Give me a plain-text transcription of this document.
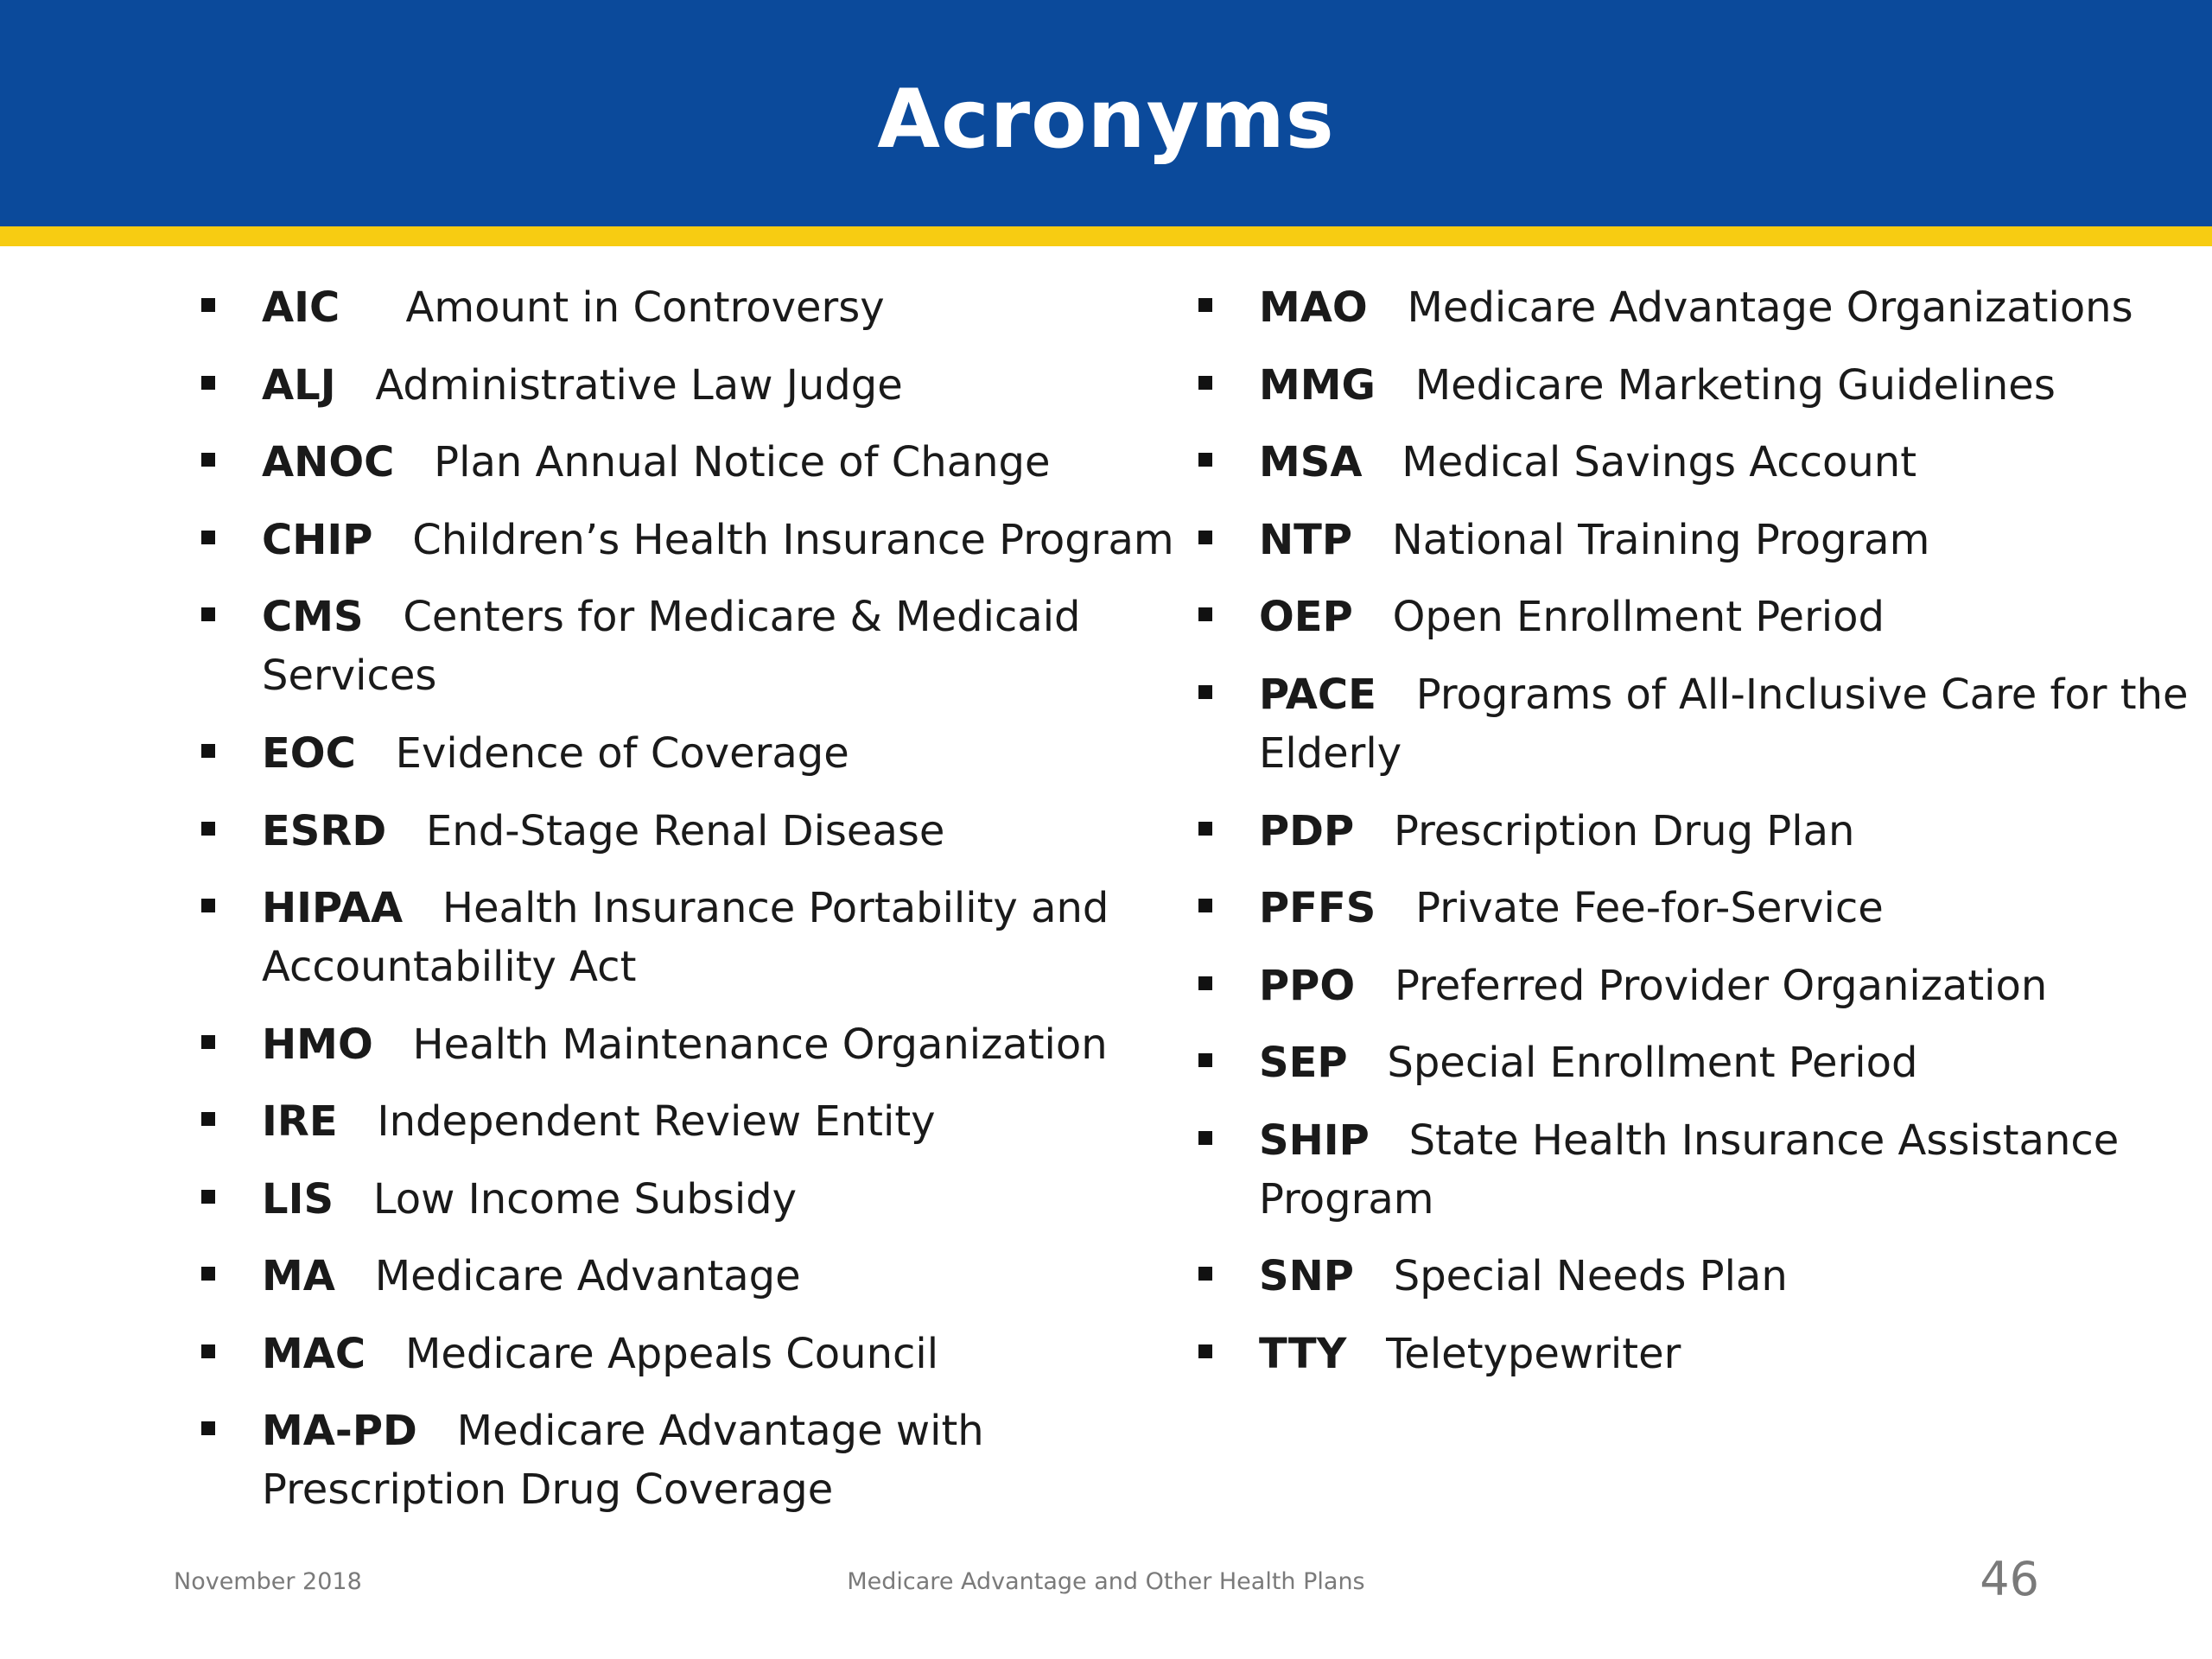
Acronyms
AIC Amount in Controversy
ALJ Administrative Law Judge
ANOC Plan Annual Notice of Change
CHIP Children’s Health Insurance Program
CMS Centers for Medicare & Medicaid Services
EOC Evidence of Coverage
ESRD End-Stage Renal Disease
HIPAA Health Insurance Portability and Accountability Act
HMO Health Maintenance Organization
IRE Independent Review Entity
LIS Low Income Subsidy
MA Medicare Advantage
MAC Medicare Appeals Council
MA-PD Medicare Advantage with Prescription Drug Coverage
MAO Medicare Advantage Organizations
MMG Medicare Marketing Guidelines
MSA Medical Savings Account
NTP National Training Program
OEP Open Enrollment Period
PACE Programs of All-Inclusive Care for the Elderly
PDP Prescription Drug Plan
PFFS Private Fee-for-Service
PPO Preferred Provider Organization
SEP Special Enrollment Period
SHIP State Health Insurance Assistance Program
SNP Special Needs Plan
TTY Teletypewriter
November 2018	Medicare Advantage and Other Health Plans	46
